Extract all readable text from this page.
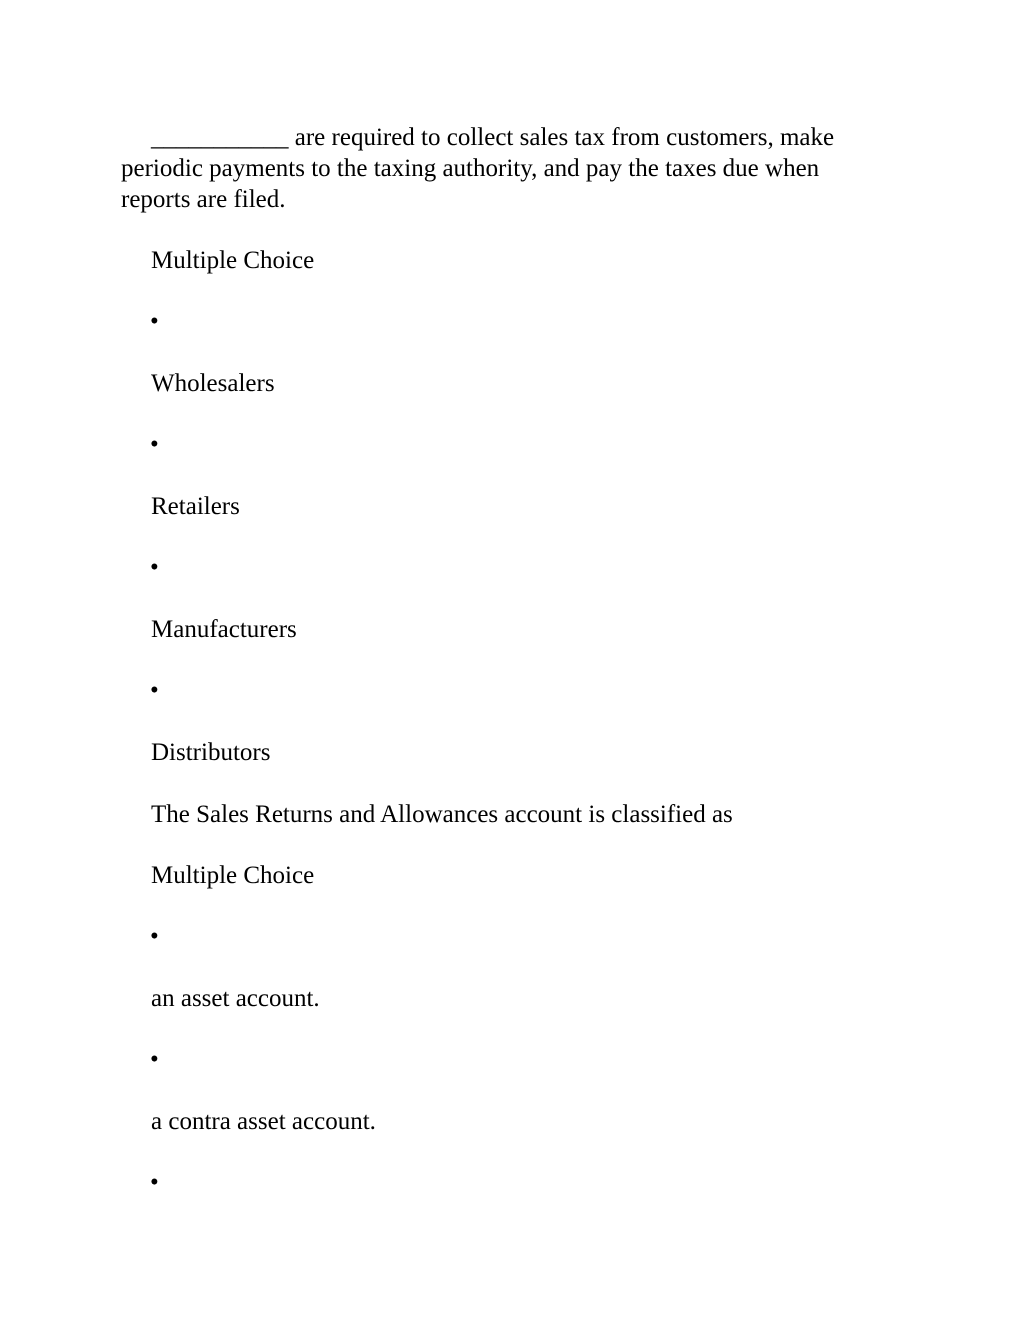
___________ are required to collect sales tax from customers, make
periodic payments to the taxing authority, and pay the taxes due when
reports are filed.
Multiple Choice
•
Wholesalers
•
Retailers
•
Manufacturers
•
Distributors
The Sales Returns and Allowances account is classified as
Multiple Choice
•
an asset account.
•
a contra asset account.
•
